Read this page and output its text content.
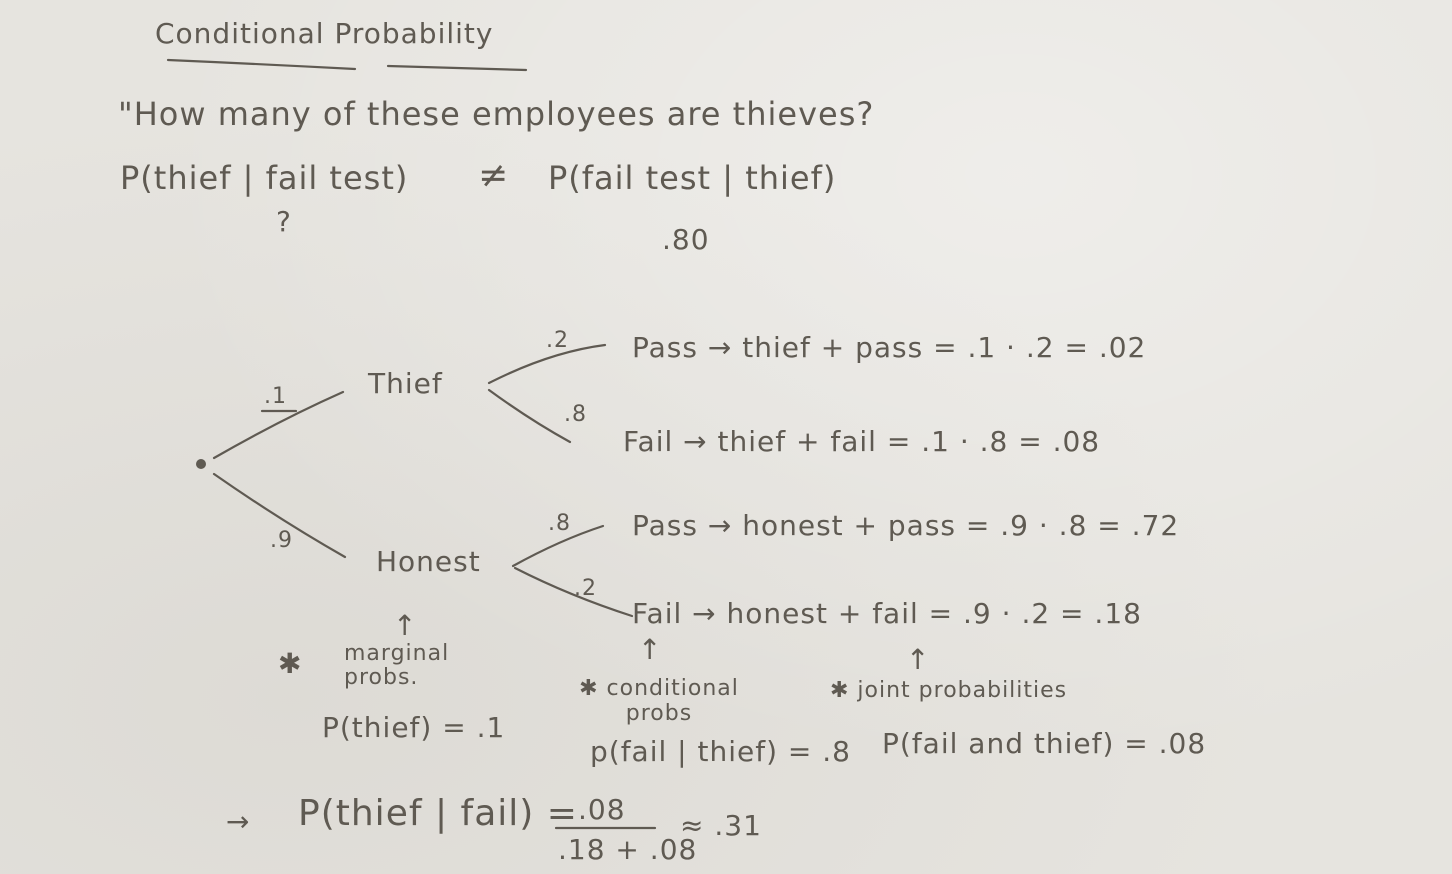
Conditional Probability
"How many of these employees are thieves?
P(thief | fail test) ≠ P(fail test | thief)
?
.80
.1	Thief
.2
.8
Pass → thief + pass = .1 · .2 = .02
Fail → thief + fail = .1 · .8 = .08
.9
Honest
.8
.2
Pass → honest + pass = .9 · .8 = .72
Fail → honest + fail = .9 · .2 = .18
↑
✱ marginal probs.
P(thief) = .1
↑
✱ conditional probs
p(fail | thief) = .8
↑
✱ joint probabilities
P(fail and thief) = .08
→ P(thief | fail) = .08
.18 + .08
≈ .31
